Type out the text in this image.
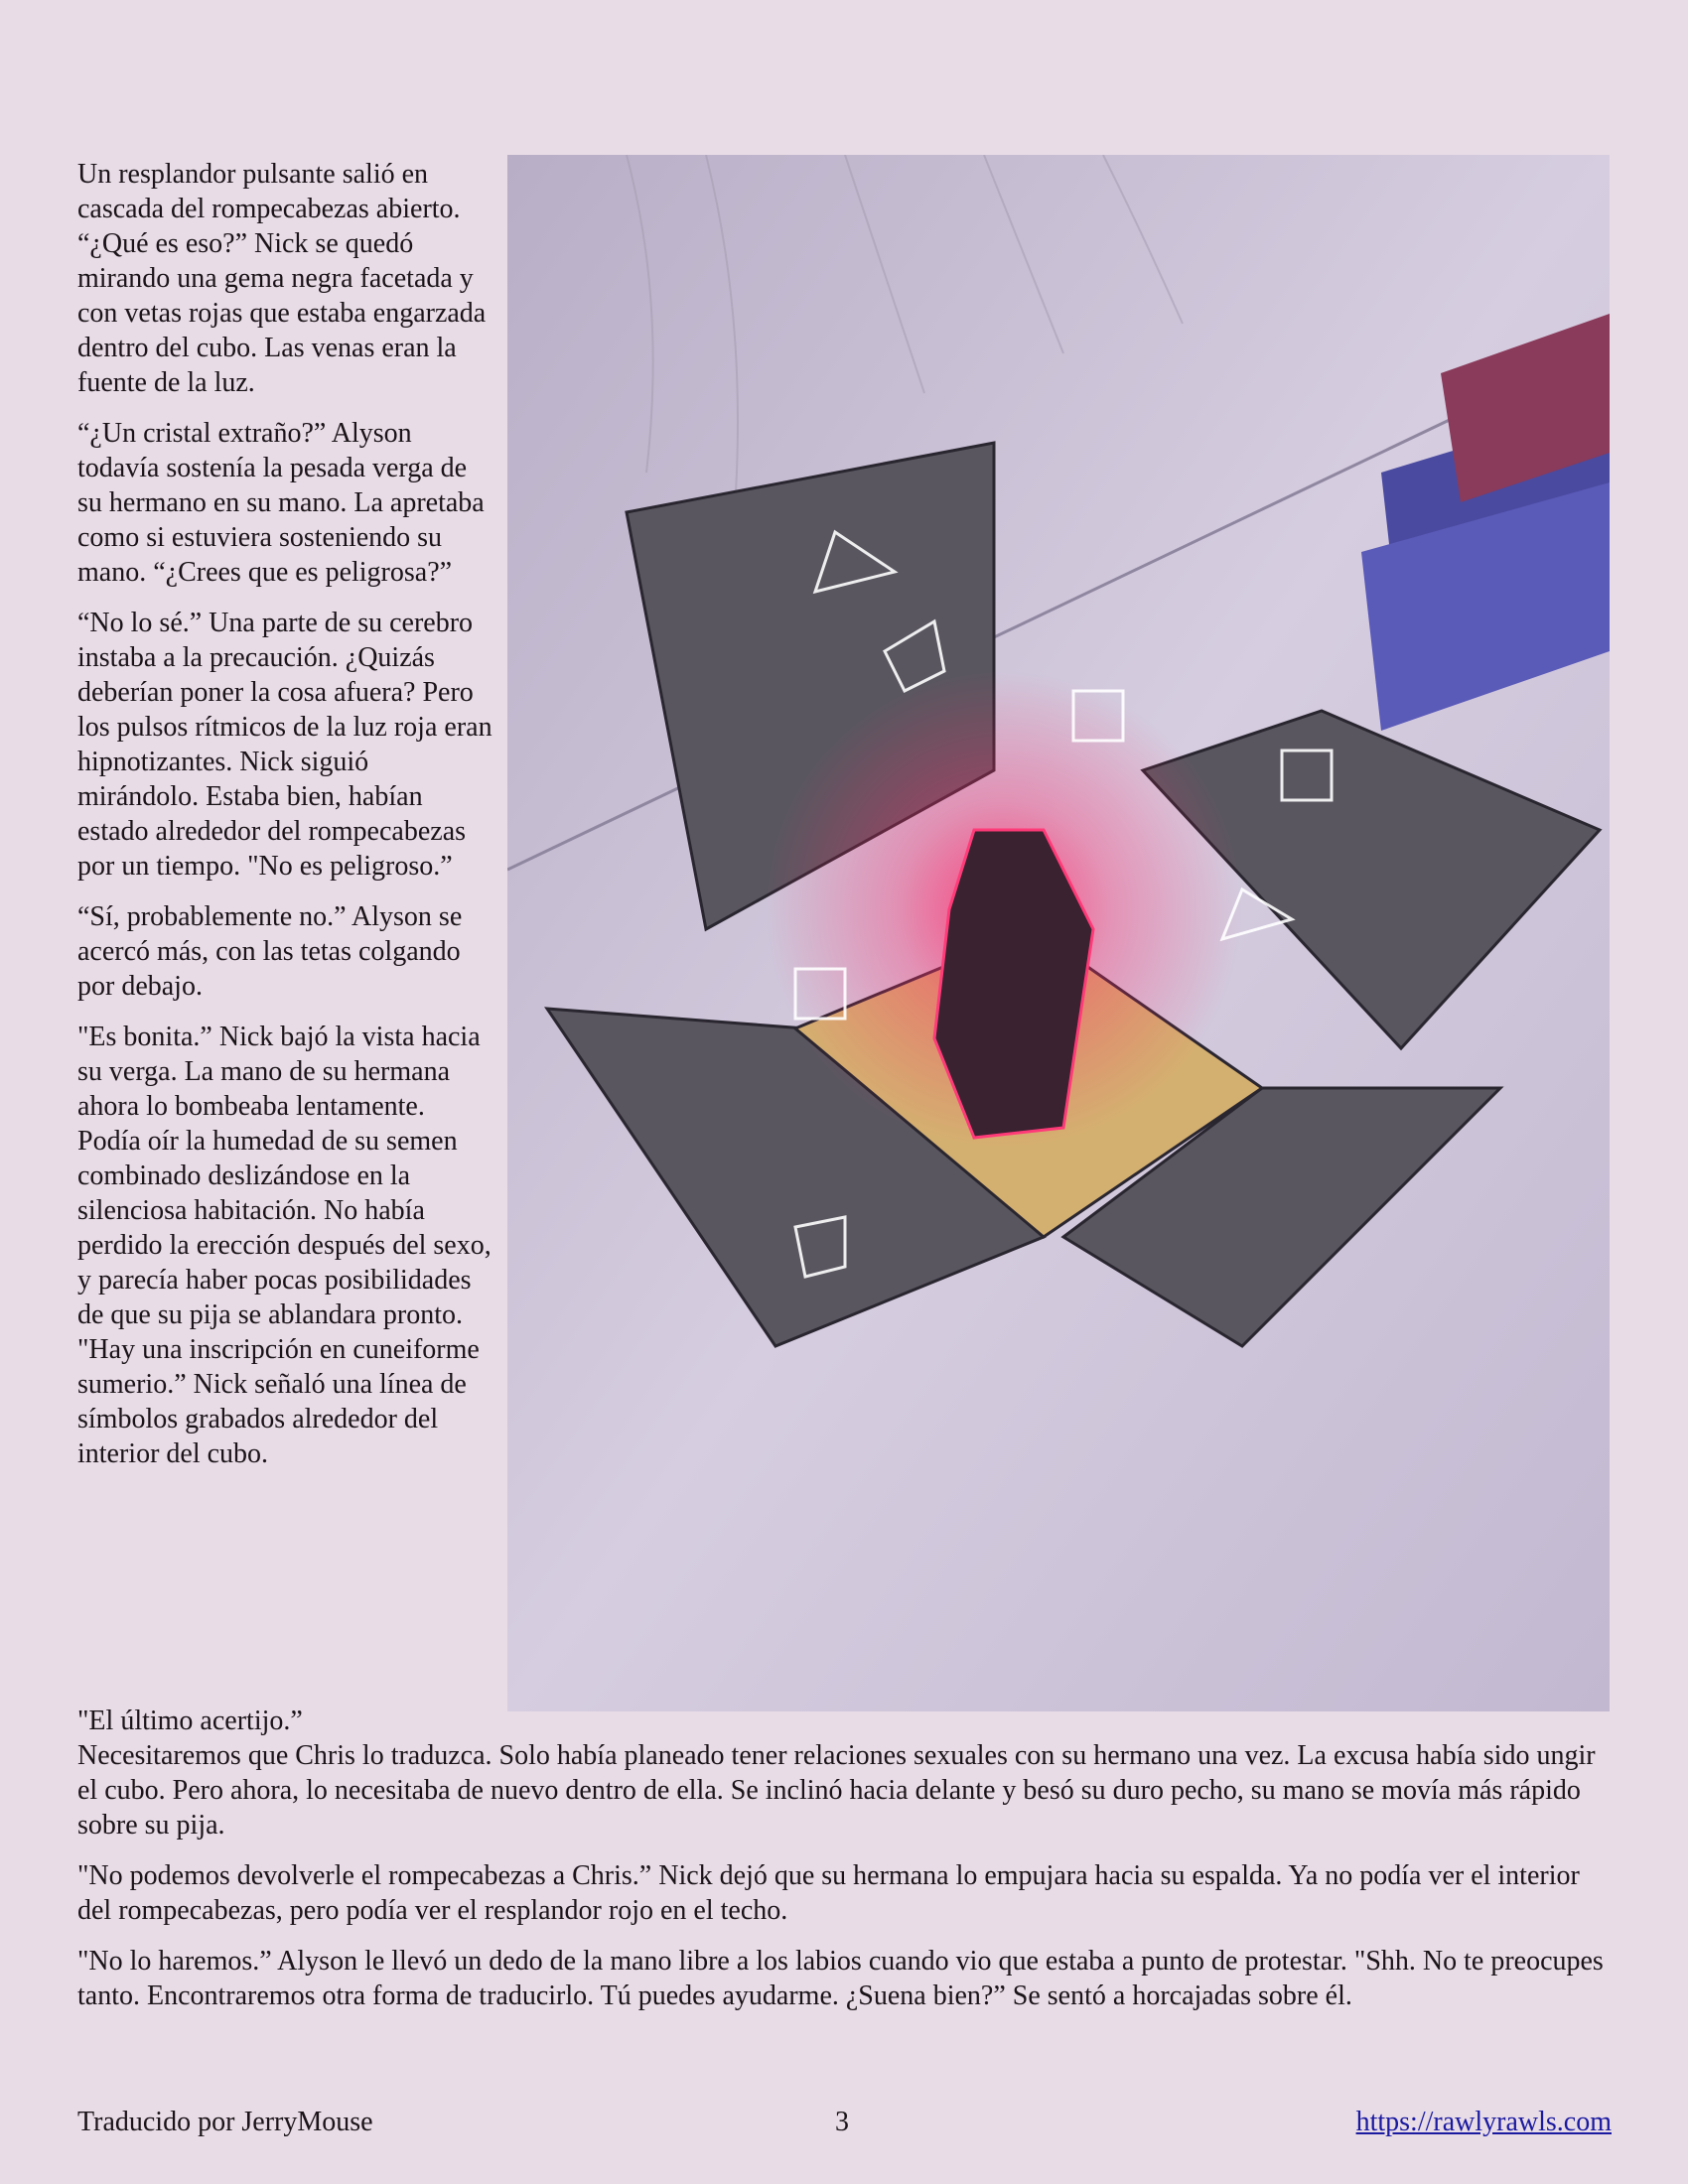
Un resplandor pulsante salió en cascada del rompecabezas abierto. “¿Qué es eso?” Nick se quedó mirando una gema negra facetada y con vetas rojas que estaba engarzada dentro del cubo. Las venas eran la fuente de la luz.

“¿Un cristal extraño?” Alyson todavía sostenía la pesada verga de su hermano en su mano. La apretaba como si estuviera sosteniendo su mano. “¿Crees que es peligrosa?”

“No lo sé.” Una parte de su cerebro instaba a la precaución. ¿Quizás deberían poner la cosa afuera? Pero los pulsos rítmicos de la luz roja eran hipnotizantes. Nick siguió mirándolo. Estaba bien, habían estado alrededor del rompecabezas por un tiempo. "No es peligroso.”

“Sí, probablemente no.” Alyson se acercó más, con las tetas colgando por debajo.

"Es bonita.” Nick bajó la vista hacia su verga. La mano de su hermana ahora lo bombeaba lentamente. Podía oír la humedad de su semen combinado deslizándose en la silenciosa habitación. No había perdido la erección después del sexo, y parecía haber pocas posibilidades de que su pija se ablandara pronto. "Hay una inscripción en cuneiforme sumerio.” Nick señaló una línea de símbolos grabados alrededor del interior del cubo.

"El último acertijo.”

Necesitaremos que Chris lo traduzca. Solo había planeado tener relaciones sexuales con su hermano una vez. La excusa había sido ungir el cubo. Pero ahora, lo necesitaba de nuevo dentro de ella. Se inclinó hacia delante y besó su duro pecho, su mano se movía más rápido sobre su pija.

"No podemos devolverle el rompecabezas a Chris.” Nick dejó que su hermana lo empujara hacia su espalda. Ya no podía ver el interior del rompecabezas, pero podía ver el resplandor rojo en el techo.

"No lo haremos.” Alyson le llevó un dedo de la mano libre a los labios cuando vio que estaba a punto de protestar. "Shh. No te preocupes tanto. Encontraremos otra forma de traducirlo. Tú puedes ayudarme. ¿Suena bien?” Se sentó a horcajadas sobre él.

Traducido por JerryMouse	3	https://rawlyrawls.com
